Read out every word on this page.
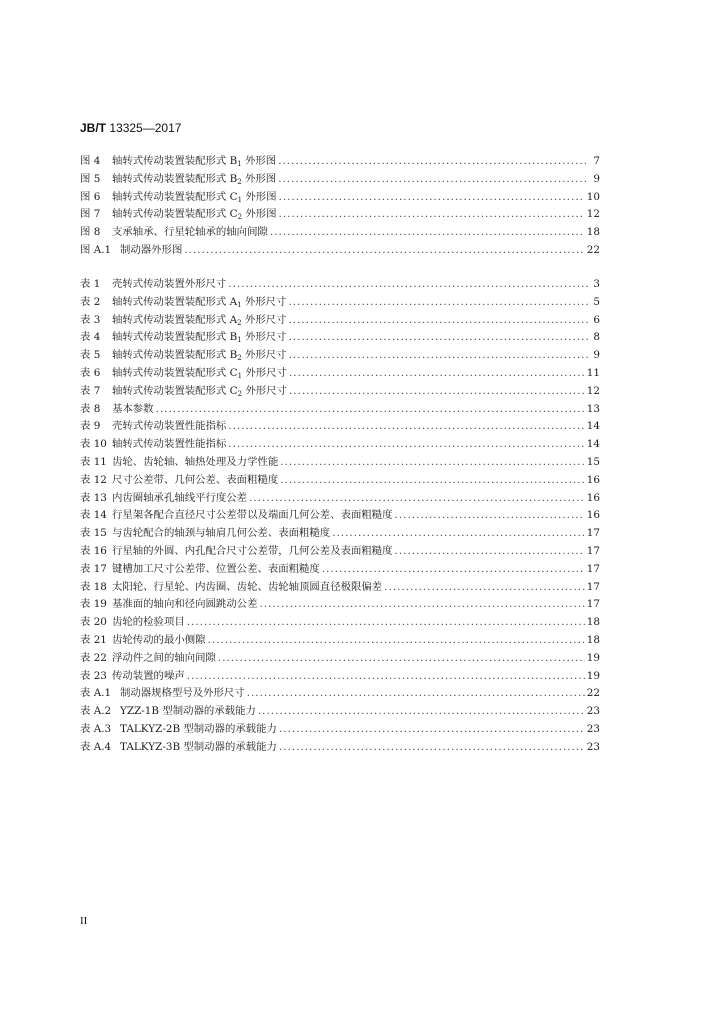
JB/T 13325—2017
图 4	轴转式传动装置装配形式 $B_1$ 外形图 .....	7
图 5	轴转式传动装置装配形式 $B_2$ 外形图 .....	9
图 6	轴转式传动装置装配形式 $C_1$ 外形图 .....	10
图 7	轴转式传动装置装配形式 $C_2$ 外形图 .....	12
图 8	支承轴承、行星轮轴承的轴向间隙 .....	18
图 A.1 制动器外形图 .....	22
表 1	壳转式传动装置外形尺寸 .....	3
表 2	轴转式传动装置装配形式 $A_1$ 外形尺寸 .....	5
表 3	轴转式传动装置装配形式 $A_2$ 外形尺寸 .....	6
表 4	轴转式传动装置装配形式 $B_1$ 外形尺寸 .....	8
表 5	轴转式传动装置装配形式 $B_2$ 外形尺寸 .....	9
表 6	轴转式传动装置装配形式 $C_1$ 外形尺寸 .....	11
表 7	轴转式传动装置装配形式 $C_2$ 外形尺寸 .....	12
表 8	基本参数 .....	13
表 9	壳转式传动装置性能指标 .....	14
表 10 轴转式传动装置性能指标 .....	14
表 11 齿轮、齿轮轴、轴热处理及力学性能 .....	15
表 12 尺寸公差带、几何公差、表面粗糙度 .....	16
表 13 内齿圈轴承孔轴线平行度公差 .....	16
表 14 行星架各配合直径尺寸公差带以及端面几何公差、表面粗糙度 .....	16
表 15 与齿轮配合的轴颈与轴肩几何公差、表面粗糙度 .....	17
表 16 行星轴的外圆、内孔配合尺寸公差带，几何公差及表面粗糙度 .....	17
表 17 键槽加工尺寸公差带、位置公差、表面粗糙度 .....	17
表 18 太阳轮、行星轮、内齿圈、齿轮、齿轮轴顶圆直径极限偏差 .....	17
表 19 基准面的轴向和径向圆跳动公差 .....	17
表 20 齿轮的检验项目 .....	18
表 21 齿轮传动的最小侧隙 .....	18
表 22 浮动件之间的轴向间隙 .....	19
表 23 传动装置的噪声 .....	19
表 A.1 制动器规格型号及外形尺寸 .....	22
表 A.2 YZZ-1B 型制动器的承载能力 .....	23
表 A.3 TALKYZ-2B 型制动器的承载能力 .....	23
表 A.4 TALKYZ-3B 型制动器的承载能力 .....	23
II
